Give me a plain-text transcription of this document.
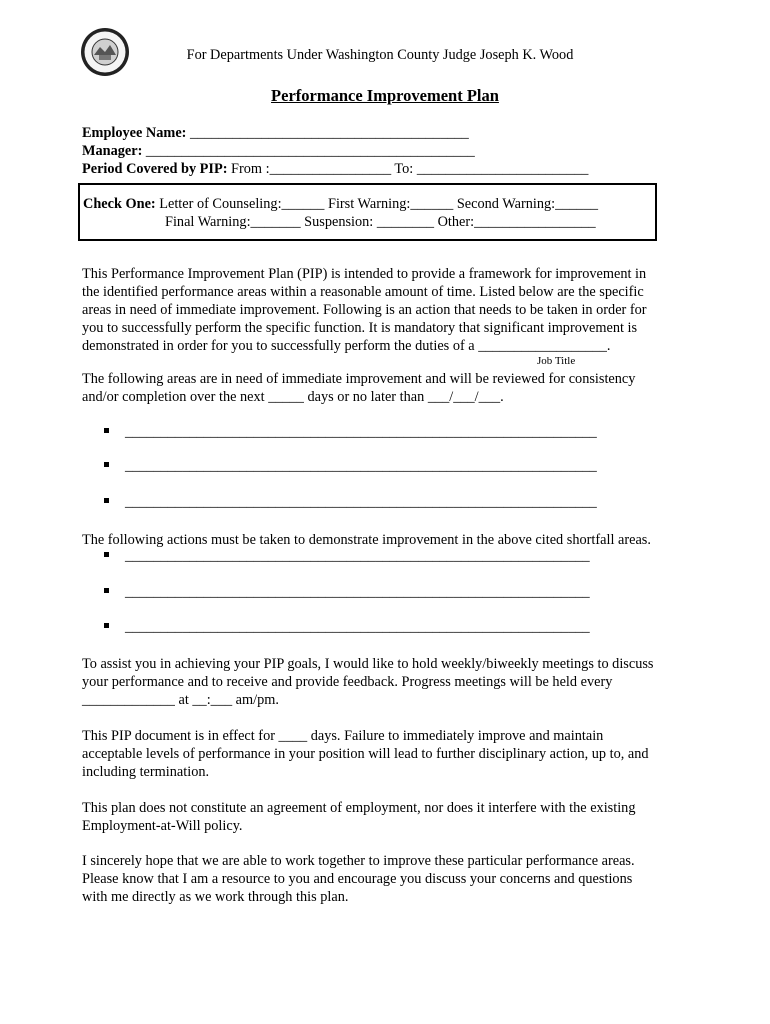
For Departments Under Washington County Judge Joseph K. Wood
Performance Improvement Plan
Employee Name: _______________________________________
Manager: ______________________________________________
Period Covered by PIP: From :_________________ To: ________________________
Check One: Letter of Counseling:______ First Warning:______ Second Warning:______
Final Warning:_______ Suspension: ________ Other:_________________
This Performance Improvement Plan (PIP) is intended to provide a framework for improvement in
the identified performance areas within a reasonable amount of time. Listed below are the specific
areas in need of immediate improvement. Following is an action that needs to be taken in order for
you to successfully perform the specific function. It is mandatory that significant improvement is
demonstrated in order for you to successfully perform the duties of a __________________.
Job Title
The following areas are in need of immediate improvement and will be reviewed for consistency
and/or completion over the next _____ days or no later than ___/___/___.
__________________________________________________________________
__________________________________________________________________
__________________________________________________________________
The following actions must be taken to demonstrate improvement in the above cited shortfall areas.
_________________________________________________________________
_________________________________________________________________
_________________________________________________________________
To assist you in achieving your PIP goals, I would like to hold weekly/biweekly meetings to discuss
your performance and to receive and provide feedback. Progress meetings will be held every
_____________ at __:___ am/pm.
This PIP document is in effect for ____ days. Failure to immediately improve and maintain
acceptable levels of performance in your position will lead to further disciplinary action, up to, and
including termination.
This plan does not constitute an agreement of employment, nor does it interfere with the existing
Employment-at-Will policy.
I sincerely hope that we are able to work together to improve these particular performance areas.
Please know that I am a resource to you and encourage you discuss your concerns and questions
with me directly as we work through this plan.
